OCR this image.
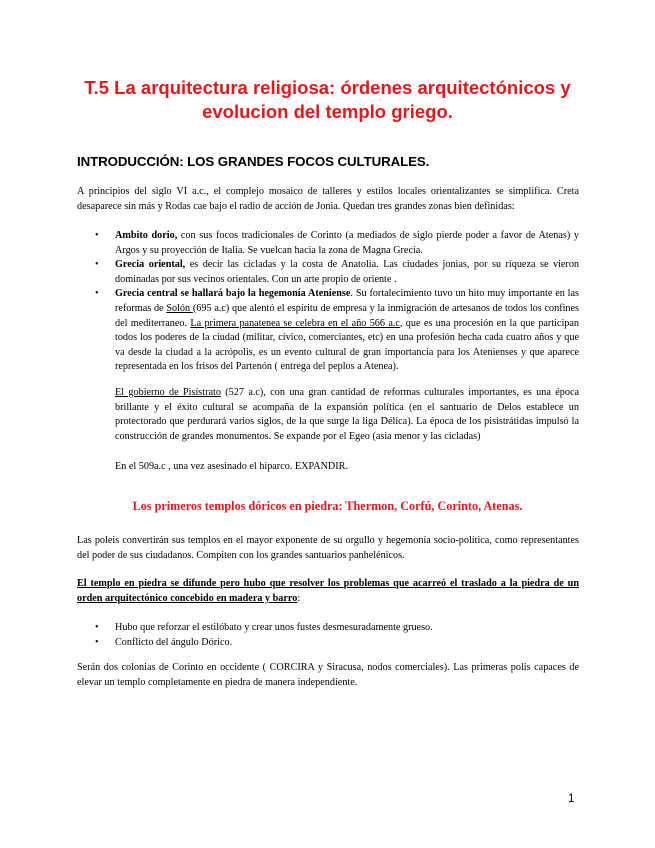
T.5 La arquitectura religiosa: órdenes arquitectónicos y evolucion del templo griego.
INTRODUCCIÓN: LOS GRANDES FOCOS CULTURALES.

A principios del siglo VI a.c., el complejo mosaico de talleres y estilos locales orientalizantes se simplifica. Creta desaparece sin más y Rodas cae bajo el radio de acción de Jonia. Quedan tres grandes zonas bien definidas:

• Ambito dorio, con sus focos tradicionales de Corinto (a mediados de siglo pierde poder a favor de Atenas) y Argos y su proyección de Italia. Se vuelcan hacia la zona de Magna Grecia.
• Grecia oriental, es decir las cicladas y la costa de Anatolia. Las ciudades jonias, por su riqueza se vieron dominadas por sus vecinos orientales. Con un arte propio de oriente .
• Grecia central se hallará bajo la hegemonía Ateniense. Su fortalecimiento tuvo un hito muy importante en las reformas de Solón (695 a.c) que alentó el espíritu de empresa y la inmigración de artesanos de todos los confines del mediterraneo. La primera panatenea se celebra en el año 566 a.c, que es una procesión en la que participan todos los poderes de la ciudad (militar, cívico, comerciantes, etc) en una profesión hecha cada cuatro años y que va desde la ciudad a la acrópolis, es un evento cultural de gran importancia para los Atenienses y que aparece representada en los frisos del Partenón ( entrega del peplos a Atenea).

El gobierno de Pisístrato (527 a.c), con una gran cantidad de reformas culturales importantes, es una época brillante y el éxito cultural se acompaña de la expansión política (en el santuario de Delos establece un protectorado que perdurará varios siglos, de la que surge la liga Délica). La época de los pisistrátidas impulsó la construcción de grandes monumentos. Se expande por el Egeo (asia menor y las cicladas)

En el 509a.c , una vez asesinado el hiparco. EXPANDIR.

Los primeros templos dóricos en piedra: Thermon, Corfú, Corinto, Atenas.

Las poleis convertirán sus templos en el mayor exponente de su orgullo y hegemonía socio-política, como representantes del poder de sus ciudadanos. Compiten con los grandes santuarios panhelénicos.

El templo en piedra se difunde pero hubo que resolver los problemas que acarreó el traslado a la piedra de un orden arquitectónico concebido en madera y barro:

• Hubo que reforzar el estilóbato y crear unos fustes desmesuradamente grueso.
• Conflicto del ángulo Dórico.

Serán dos colonias de Corinto en occidente ( CORCIRA y Siracusa, nodos comerciales). Las primeras polis capaces de elevar un templo completamente en piedra de manera independiente.

1
